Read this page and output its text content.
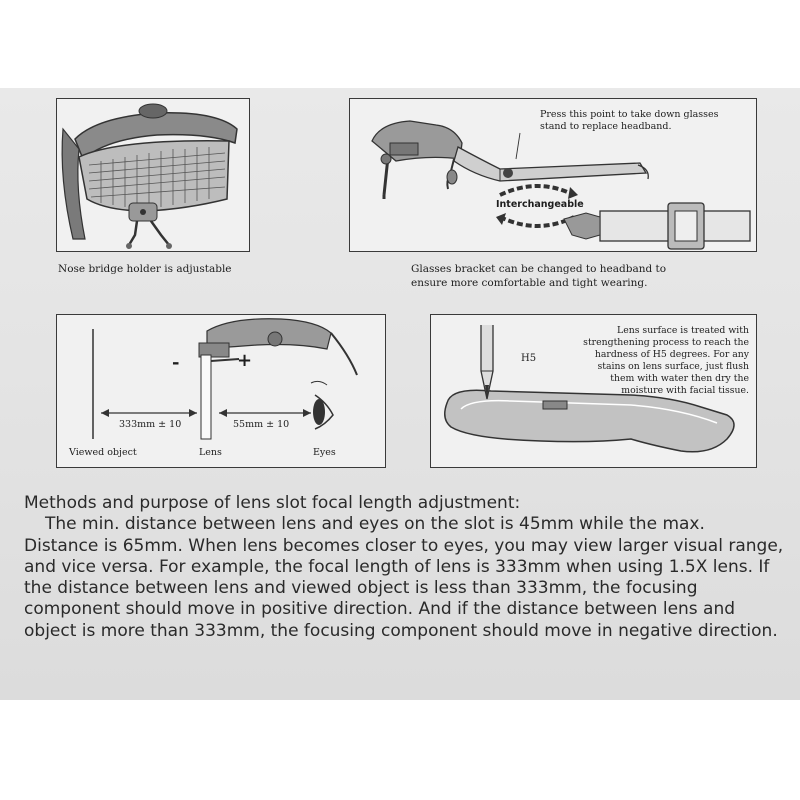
Nose bridge holder is adjustable
Press this point to take down glasses stand to replace headband.
Interchangeable
Glasses bracket can be changed to headband to ensure more comfortable and tight wearing.
-	+
333mm ± 10	55mm ± 10
Viewed object	Lens	Eyes
H5
Lens surface is treated with strengthening process to reach the hardness of H5 degrees. For any stains on lens surface, just flush them with water then dry the moisture with facial tissue.

Methods and purpose of lens slot focal length adjustment:

The min. distance between lens and eyes on the slot is 45mm while the max. Distance is 65mm. When lens becomes closer to eyes, you may view larger visual range, and vice versa. For example, the focal length of lens is 333mm when using 1.5X lens. If the distance between lens and viewed object is less than 333mm, the focusing component should move in positive direction. And if the distance between lens and object is more than 333mm, the focusing component should move in negative direction.
